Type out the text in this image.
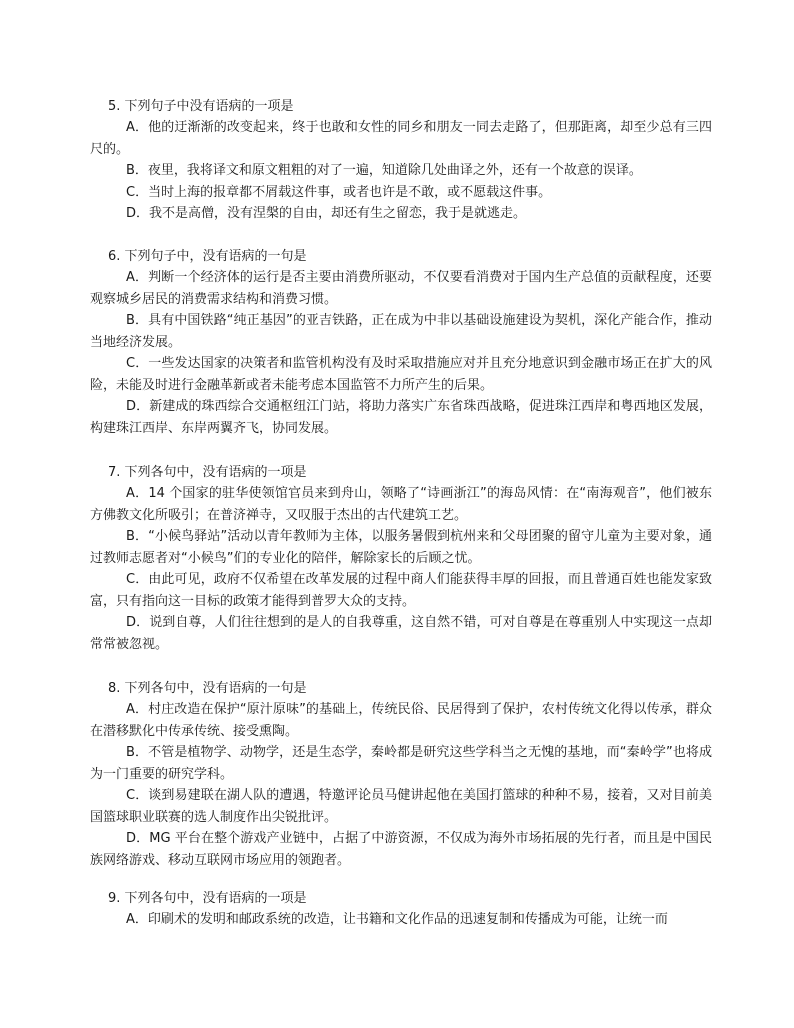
5. 下列句子中没有语病的一项是

A．他的迂渐渐的改变起来，终于也敢和女性的同乡和朋友一同去走路了，但那距离，却至少总有三四尺的。

B．夜里，我将译文和原文粗粗的对了一遍，知道除几处曲译之外，还有一个故意的误译。

C．当时上海的报章都不屑载这件事，或者也许是不敢，或不愿载这件事。

D．我不是高僧，没有涅槃的自由，却还有生之留恋，我于是就逃走。

6. 下列句子中，没有语病的一句是

A．判断一个经济体的运行是否主要由消费所驱动，不仅要看消费对于国内生产总值的贡献程度，还要观察城乡居民的消费需求结构和消费习惯。

B．具有中国铁路“纯正基因”的亚吉铁路，正在成为中非以基础设施建设为契机，深化产能合作，推动当地经济发展。

C．一些发达国家的决策者和监管机构没有及时采取措施应对并且充分地意识到金融市场正在扩大的风险，未能及时进行金融革新或者未能考虑本国监管不力所产生的后果。

D．新建成的珠西综合交通枢纽江门站，将助力落实广东省珠西战略，促进珠江西岸和粤西地区发展，构建珠江西岸、东岸两翼齐飞，协同发展。

7. 下列各句中，没有语病的一项是

A．14 个国家的驻华使领馆官员来到舟山，领略了“诗画浙江”的海岛风情：在“南海观音”，他们被东方佛教文化所吸引；在普济禅寺，又叹服于杰出的古代建筑工艺。

B．“小候鸟驿站”活动以青年教师为主体，以服务暑假到杭州来和父母团聚的留守儿童为主要对象，通过教师志愿者对“小候鸟”们的专业化的陪伴，解除家长的后顾之忧。

C．由此可见，政府不仅希望在改革发展的过程中商人们能获得丰厚的回报，而且普通百姓也能发家致富，只有指向这一目标的政策才能得到普罗大众的支持。

D．说到自尊，人们往往想到的是人的自我尊重，这自然不错，可对自尊是在尊重别人中实现这一点却常常被忽视。

8. 下列各句中，没有语病的一句是

A．村庄改造在保护“原汁原味”的基础上，传统民俗、民居得到了保护，农村传统文化得以传承，群众在潜移默化中传承传统、接受熏陶。

B．不管是植物学、动物学，还是生态学，秦岭都是研究这些学科当之无愧的基地，而“秦岭学”也将成为一门重要的研究学科。

C．谈到易建联在湖人队的遭遇，特邀评论员马健讲起他在美国打篮球的种种不易，接着，又对目前美国篮球职业联赛的选人制度作出尖锐批评。

D．MG 平台在整个游戏产业链中，占据了中游资源，不仅成为海外市场拓展的先行者，而且是中国民族网络游戏、移动互联网市场应用的领跑者。

9. 下列各句中，没有语病的一项是

A．印刷术的发明和邮政系统的改造，让书籍和文化作品的迅速复制和传播成为可能，让统一而
